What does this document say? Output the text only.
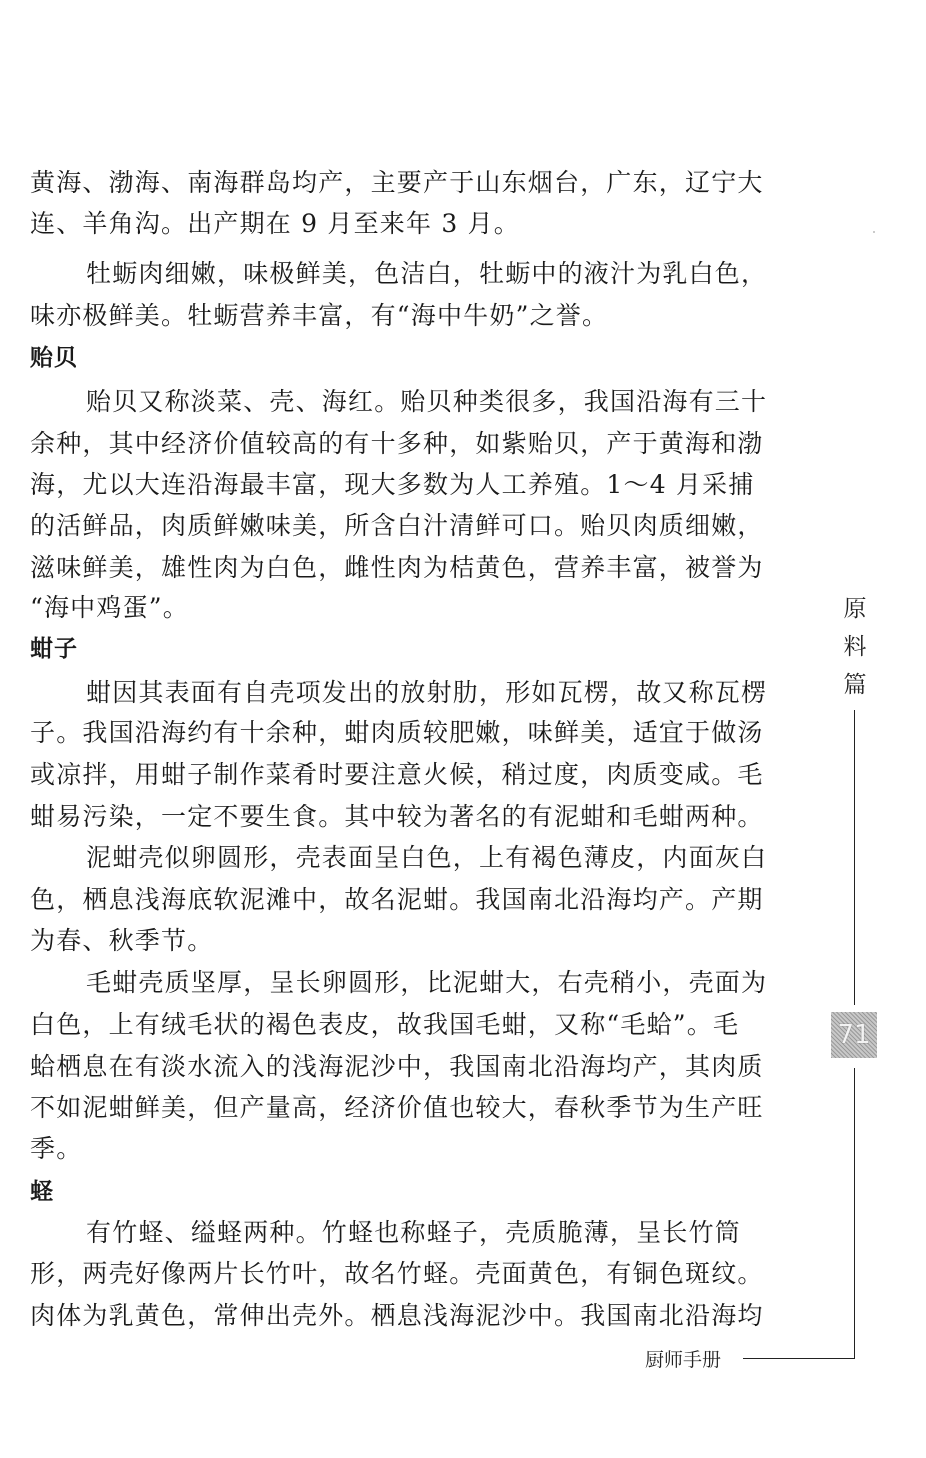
黄海、渤海、南海群岛均产，主要产于山东烟台，广东，辽宁大
连、羊角沟。出产期在 9 月至来年 3 月。
牡蛎肉细嫩，味极鲜美，色洁白，牡蛎中的液汁为乳白色，
味亦极鲜美。牡蛎营养丰富，有“海中牛奶”之誉。
贻贝
贻贝又称淡菜、壳、海红。贻贝种类很多，我国沿海有三十
余种，其中经济价值较高的有十多种，如紫贻贝，产于黄海和渤
海，尤以大连沿海最丰富，现大多数为人工养殖。1～4 月采捕
的活鲜品，肉质鲜嫩味美，所含白汁清鲜可口。贻贝肉质细嫩，
滋味鲜美，雄性肉为白色，雌性肉为桔黄色，营养丰富，被誉为
“海中鸡蛋”。
蚶子
蚶因其表面有自壳项发出的放射肋，形如瓦楞，故又称瓦楞
子。我国沿海约有十余种，蚶肉质较肥嫩，味鲜美，适宜于做汤
或凉拌，用蚶子制作菜肴时要注意火候，稍过度，肉质变咸。毛
蚶易污染，一定不要生食。其中较为著名的有泥蚶和毛蚶两种。
泥蚶壳似卵圆形，壳表面呈白色，上有褐色薄皮，内面灰白
色，栖息浅海底软泥滩中，故名泥蚶。我国南北沿海均产。产期
为春、秋季节。
毛蚶壳质坚厚，呈长卵圆形，比泥蚶大，右壳稍小，壳面为
白色，上有绒毛状的褐色表皮，故我国毛蚶，又称“毛蛤”。毛
蛤栖息在有淡水流入的浅海泥沙中，我国南北沿海均产，其肉质
不如泥蚶鲜美，但产量高，经济价值也较大，春秋季节为生产旺
季。
蛏
有竹蛏、缢蛏两种。竹蛏也称蛏子，壳质脆薄，呈长竹筒
形，两壳好像两片长竹叶，故名竹蛏。壳面黄色，有铜色斑纹。
肉体为乳黄色，常伸出壳外。栖息浅海泥沙中。我国南北沿海均
原
料
篇
71
厨师手册
